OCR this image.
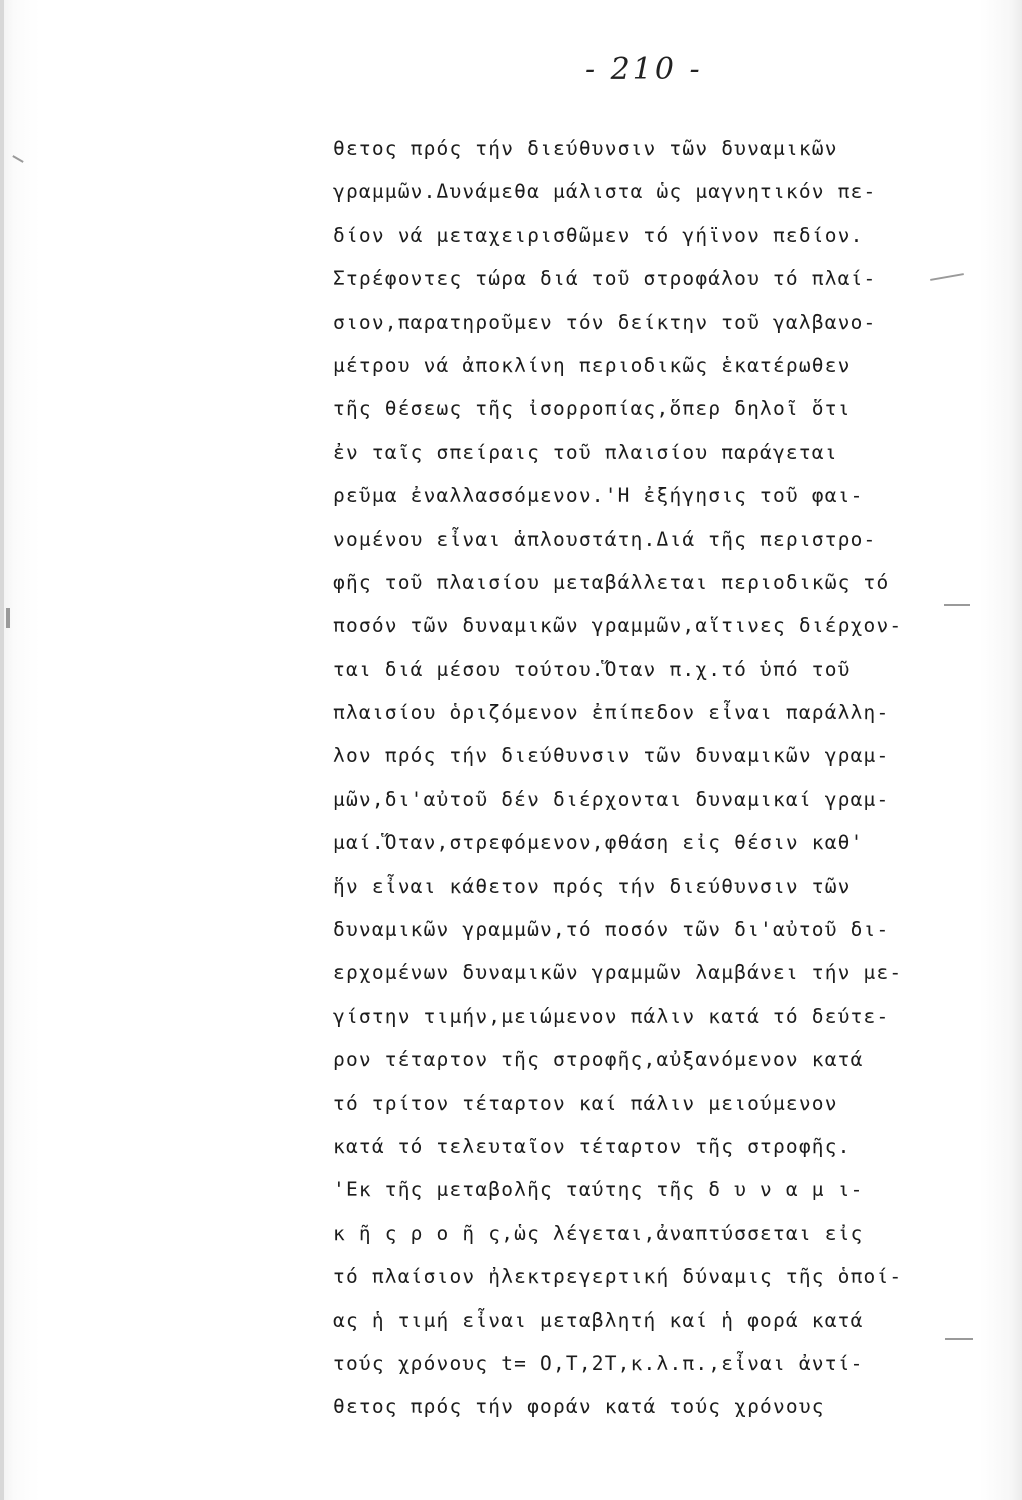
- 210 -
θετος πρός τήν διεύθυνσιν τῶν δυναμικῶν
γραμμῶν.Δυνάμεθα μάλιστα ὡς μαγνητικόν πε-
δίον νά μεταχειρισθῶμεν τό γήϊνον πεδίον.
Στρέφοντες τώρα διά τοῦ στροφάλου τό πλαί-
σιον,παρατηροῦμεν τόν δείκτην τοῦ γαλβανο-
μέτρου νά ἀποκλίνη περιοδικῶς ἑκατέρωθεν
τῆς θέσεως τῆς ἰσορροπίας,ὅπερ δηλοῖ ὅτι
ἐν ταῖς σπείραις τοῦ πλαισίου παράγεται
ρεῦμα ἐναλλασσόμενον.'Η ἐξήγησις τοῦ φαι-
νομένου εἶναι ἁπλουστάτη.Διά τῆς περιστρο-
φῆς τοῦ πλαισίου μεταβάλλεται περιοδικῶς τό
ποσόν τῶν δυναμικῶν γραμμῶν,αἵτινες διέρχον-
ται διά μέσου τούτου.Ὅταν π.χ.τό ὑπό τοῦ
πλαισίου ὁριζόμενον ἐπίπεδον εἶναι παράλλη-
λον πρός τήν διεύθυνσιν τῶν δυναμικῶν γραμ-
μῶν,δι'αὐτοῦ δέν διέρχονται δυναμικαί γραμ-
μαί.Ὅταν,στρεφόμενον,φθάση εἰς θέσιν καθ'
ἥν εἶναι κάθετον πρός τήν διεύθυνσιν τῶν
δυναμικῶν γραμμῶν,τό ποσόν τῶν δι'αὐτοῦ δι-
ερχομένων δυναμικῶν γραμμῶν λαμβάνει τήν με-
γίστην τιμήν,μειώμενον πάλιν κατά τό δεύτε-
ρον τέταρτον τῆς στροφῆς,αὐξανόμενον κατά
τό τρίτον τέταρτον καί πάλιν μειούμενον
κατά τό τελευταῖον τέταρτον τῆς στροφῆς.
'Εκ τῆς μεταβολῆς ταύτης τῆς δ υ ν α μ ι-
κ ῆ ς ρ ο ῆ ς,ὡς λέγεται,ἀναπτύσσεται εἰς
τό πλαίσιον ἠλεκτρεγερτική δύναμις τῆς ὁποί-
ας ἡ τιμή εἶναι μεταβλητή καί ἡ φορά κατά
τούς χρόνους t= O,T,2T,κ.λ.π.,εἶναι ἀντί-
θετος πρός τήν φοράν κατά τούς χρόνους
